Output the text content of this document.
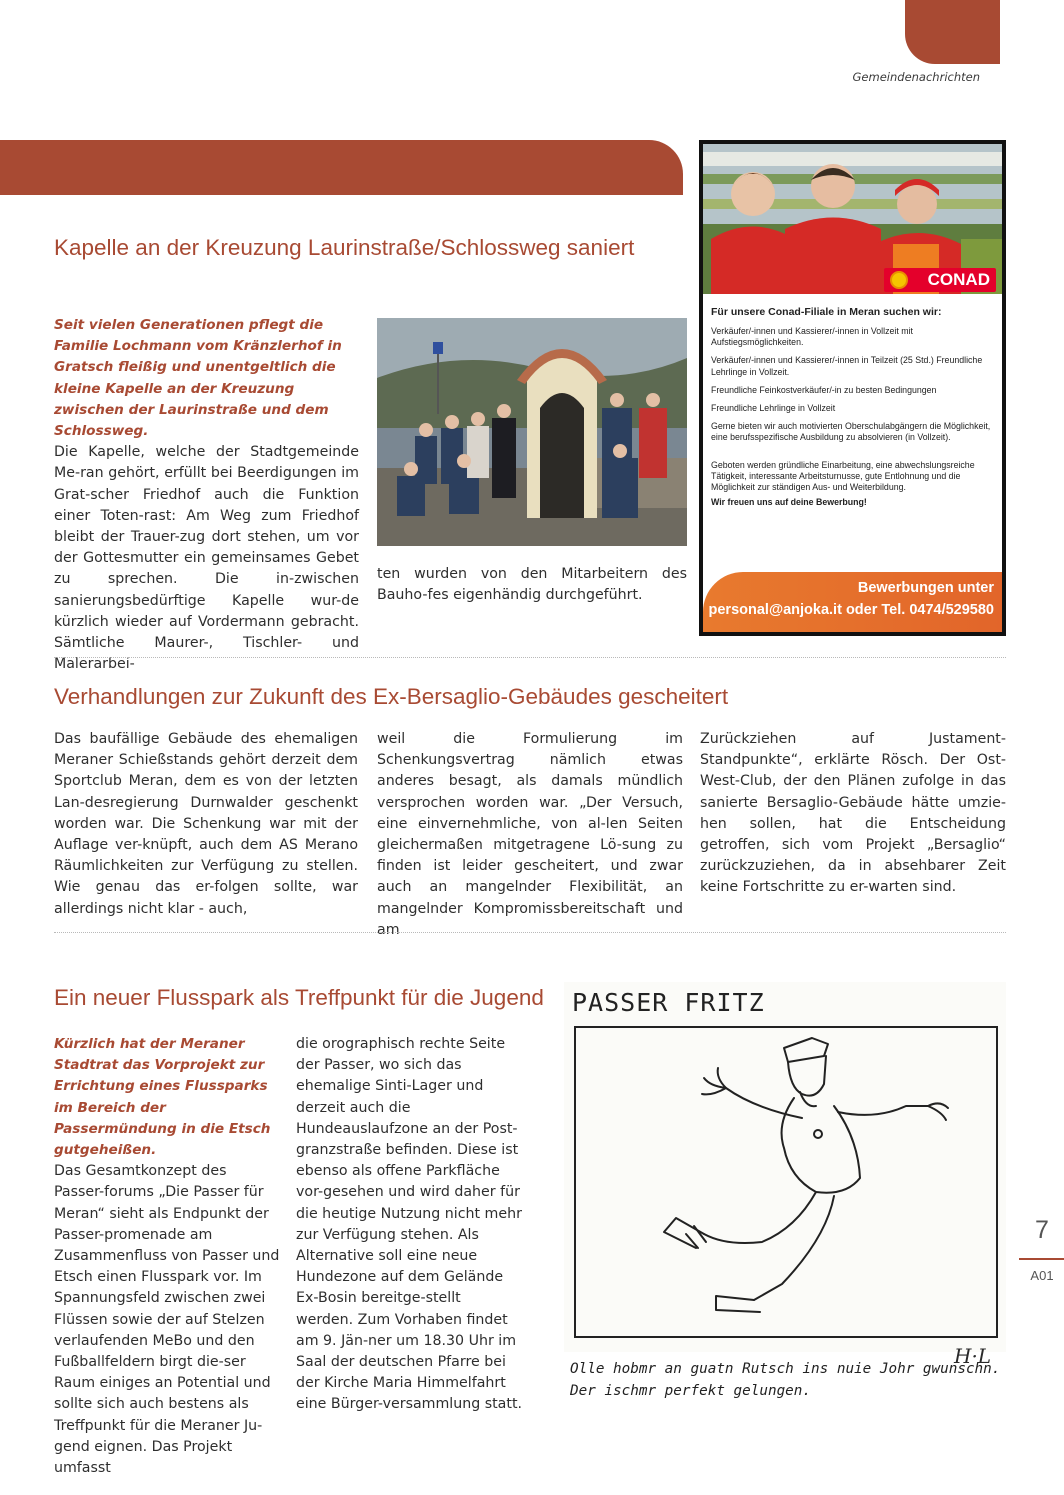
Gemeindenachrichten
Kapelle an der Kreuzung Laurinstraße/Schlossweg saniert
Seit vielen Generationen pflegt die Familie Lochmann vom Kränzlerhof in Gratsch fleißig und unentgeltlich die kleine Kapelle an der Kreuzung zwischen der Laurinstraße und dem Schlossweg.
Die Kapelle, welche der Stadtgemeinde Me-ran gehört, erfüllt bei Beerdigungen im Grat-scher Friedhof auch die Funktion einer Toten-rast: Am Weg zum Friedhof bleibt der Trauer-zug dort stehen, um vor der Gottesmutter ein gemeinsames Gebet zu sprechen. Die in-zwischen sanierungsbedürftige Kapelle wur-de kürzlich wieder auf Vordermann gebracht. Sämtliche Maurer-, Tischler- und Malerarbei-
ten wurden von den Mitarbeitern des Bauho-fes eigenhändig durchgeführt.
CONAD
Für unsere Conad-Filiale in Meran suchen wir:
Verkäufer/-innen und Kassierer/-innen in Vollzeit mit Aufstiegsmöglichkeiten.
Verkäufer/-innen und Kassierer/-innen in Teilzeit (25 Std.) Freundliche Lehrlinge in Vollzeit.
Freundliche Feinkostverkäufer/-in zu besten Bedingungen
Freundliche Lehrlinge in Vollzeit
Gerne bieten wir auch motivierten Oberschulabgängern die Möglichkeit, eine berufsspezifische Ausbildung zu absolvieren (in Vollzeit).
Geboten werden gründliche Einarbeitung, eine abwechslungsreiche Tätigkeit, interessante Arbeitsturnusse, gute Entlohnung und die Möglichkeit zur ständigen Aus- und Weiterbildung.
Wir freuen uns auf deine Bewerbung!
Bewerbungen unter
personal@anjoka.it oder Tel. 0474/529580
Verhandlungen zur Zukunft des Ex-Bersaglio-Gebäudes gescheitert
Das baufällige Gebäude des ehemaligen Meraner Schießstands gehört derzeit dem Sportclub Meran, dem es von der letzten Lan-desregierung Durnwalder geschenkt worden war. Die Schenkung war mit der Auflage ver-knüpft, auch dem AS Merano Räumlichkeiten zur Verfügung zu stellen. Wie genau das er-folgen sollte, war allerdings nicht klar - auch,
weil die Formulierung im Schenkungsvertrag nämlich etwas anderes besagt, als damals mündlich versprochen worden war. „Der Versuch, eine einvernehmliche, von al-len Seiten gleichermaßen mitgetragene Lö-sung zu finden ist leider gescheitert, und zwar auch an mangelnder Flexibilität, an mangelnder Kompromissbereitschaft und am
Zurückziehen auf Justament-Standpunkte“, erklärte Rösch. Der Ost-West-Club, der den Plänen zufolge in das sanierte Bersaglio-Gebäude hätte umzie-hen sollen, hat die Entscheidung getroffen, sich vom Projekt „Bersaglio“ zurückzuziehen, da in absehbarer Zeit keine Fortschritte zu er-warten sind.
Ein neuer Flusspark als Treffpunkt für die Jugend
Kürzlich hat der Meraner Stadtrat das Vorprojekt zur Errichtung eines Flussparks im Bereich der Passermündung in die Etsch gutgeheißen.
Das Gesamtkonzept des Passer-forums „Die Passer für Meran“ sieht als Endpunkt der Passer-promenade am Zusammenfluss von Passer und Etsch einen Flusspark vor. Im Spannungsfeld zwischen zwei Flüssen sowie der auf Stelzen verlaufenden MeBo und den Fußballfeldern birgt die-ser Raum einiges an Potential und sollte sich auch bestens als Treffpunkt für die Meraner Ju-gend eignen. Das Projekt umfasst
die orographisch rechte Seite der Passer, wo sich das ehemalige Sinti-Lager und derzeit auch die Hundeauslaufzone an der Post-granzstraße befinden. Diese ist ebenso als offene Parkfläche vor-gesehen und wird daher für die heutige Nutzung nicht mehr zur Verfügung stehen. Als Alternative soll eine neue Hundezone auf dem Gelände Ex-Bosin bereitge-stellt werden. Zum Vorhaben findet am 9. Jän-ner um 18.30 Uhr im Saal der deutschen Pfarre bei der Kirche Maria Himmelfahrt eine Bürger-versammlung statt.
PASSER FRITZ
H·L
Olle hobmr an guatn Rutsch ins nuie Johr gwunschn.
Der ischmr perfekt gelungen.
7
A01
